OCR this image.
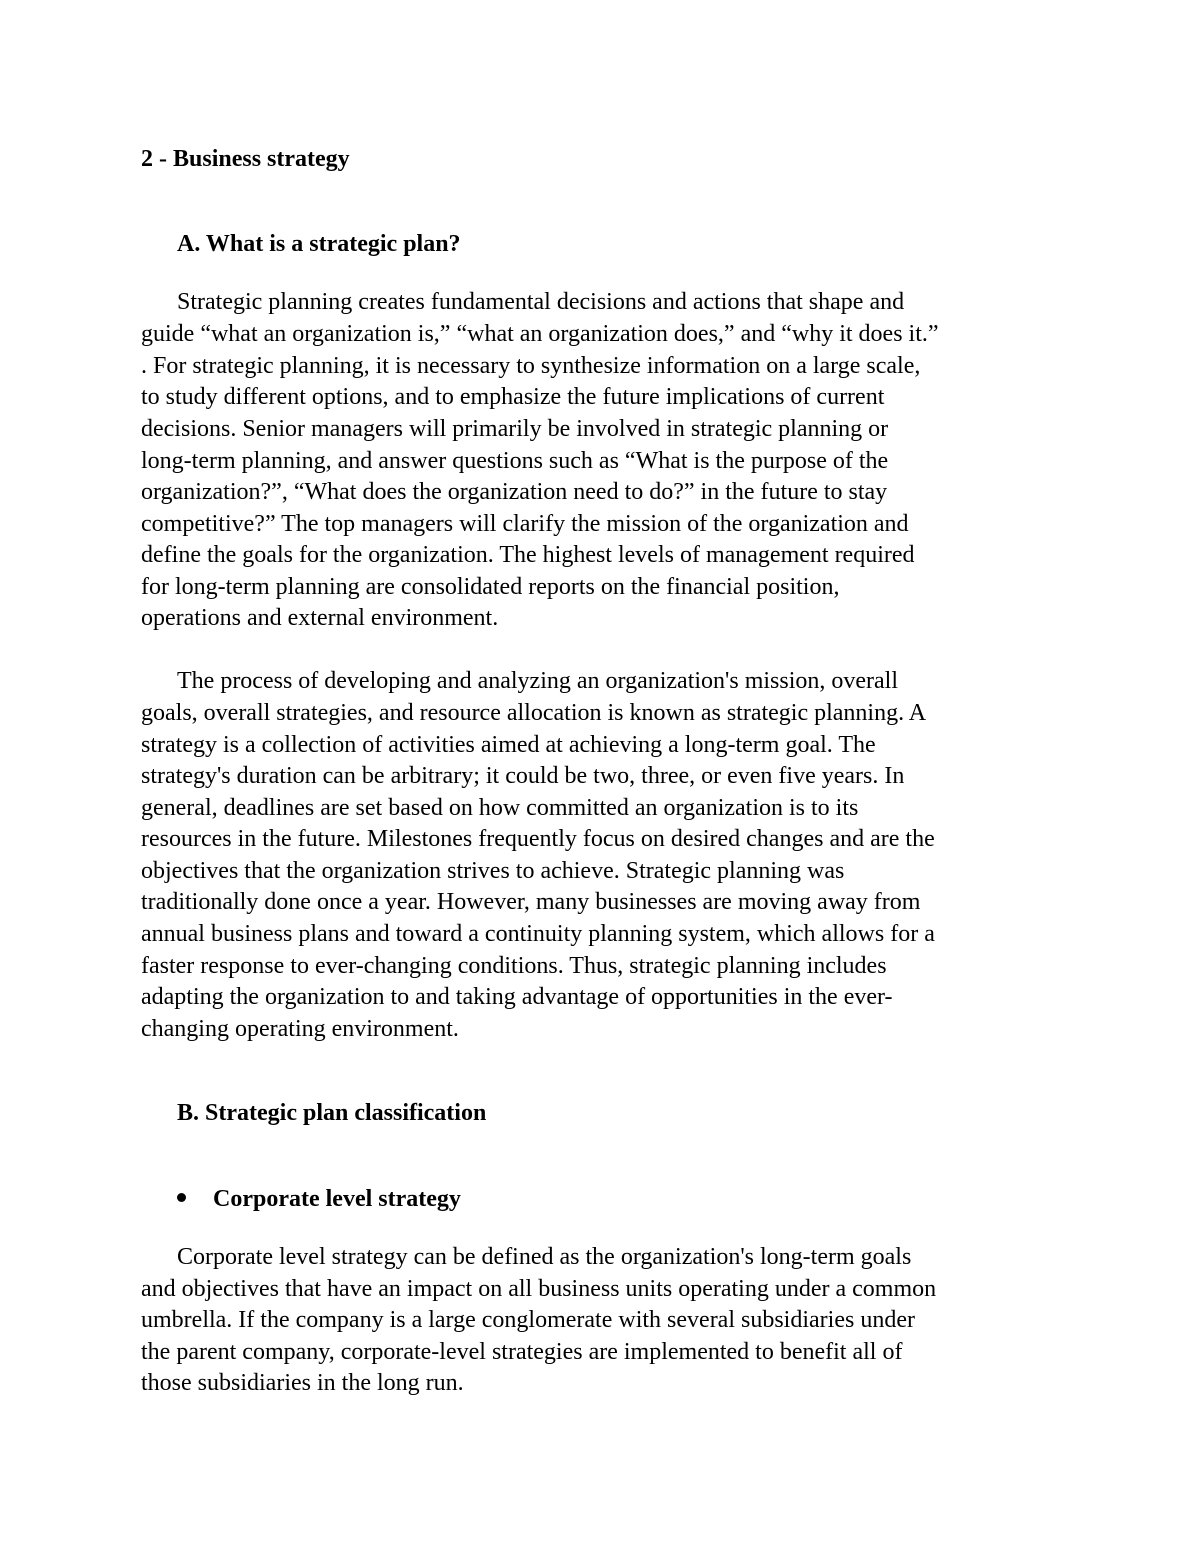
2 - Business strategy
A. What is a strategic plan?
Strategic planning creates fundamental decisions and actions that shape and
guide “what an organization is,” “what an organization does,” and “why it does it.”
. For strategic planning, it is necessary to synthesize information on a large scale,
to study different options, and to emphasize the future implications of current
decisions. Senior managers will primarily be involved in strategic planning or
long-term planning, and answer questions such as “What is the purpose of the
organization?”, “What does the organization need to do?” in the future to stay
competitive?” The top managers will clarify the mission of the organization and
define the goals for the organization. The highest levels of management required
for long-term planning are consolidated reports on the financial position,
operations and external environment.
The process of developing and analyzing an organization's mission, overall
goals, overall strategies, and resource allocation is known as strategic planning. A
strategy is a collection of activities aimed at achieving a long-term goal. The
strategy's duration can be arbitrary; it could be two, three, or even five years. In
general, deadlines are set based on how committed an organization is to its
resources in the future. Milestones frequently focus on desired changes and are the
objectives that the organization strives to achieve. Strategic planning was
traditionally done once a year. However, many businesses are moving away from
annual business plans and toward a continuity planning system, which allows for a
faster response to ever-changing conditions. Thus, strategic planning includes
adapting the organization to and taking advantage of opportunities in the ever-
changing operating environment.
B. Strategic plan classification
Corporate level strategy
Corporate level strategy can be defined as the organization's long-term goals
and objectives that have an impact on all business units operating under a common
umbrella. If the company is a large conglomerate with several subsidiaries under
the parent company, corporate-level strategies are implemented to benefit all of
those subsidiaries in the long run.
